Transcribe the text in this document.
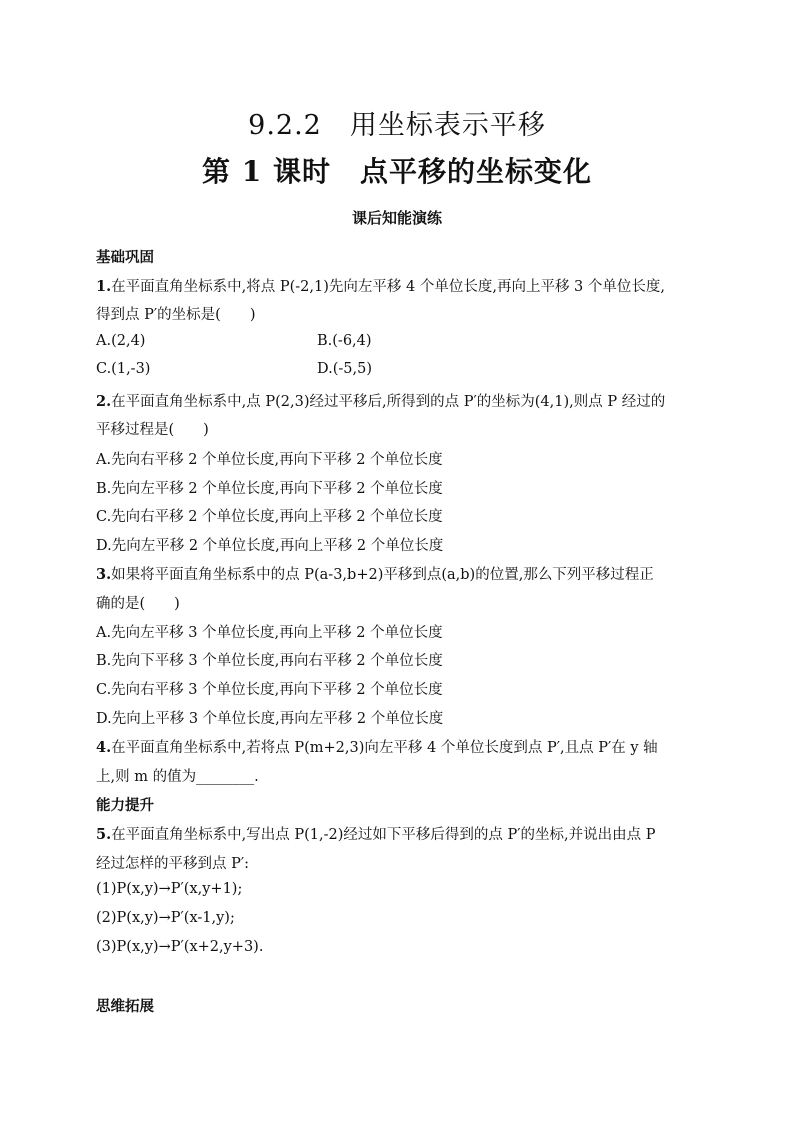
9.2.2　用坐标表示平移
第 1 课时　点平移的坐标变化
课后知能演练
基础巩固
1.在平面直角坐标系中,将点 P(-2,1)先向左平移 4 个单位长度,再向上平移 3 个单位长度,
得到点 P′的坐标是(　　)
A.(2,4)	B.(-6,4)
C.(1,-3)	D.(-5,5)
2.在平面直角坐标系中,点 P(2,3)经过平移后,所得到的点 P′的坐标为(4,1),则点 P 经过的
平移过程是(　　)
A.先向右平移 2 个单位长度,再向下平移 2 个单位长度
B.先向左平移 2 个单位长度,再向下平移 2 个单位长度
C.先向右平移 2 个单位长度,再向上平移 2 个单位长度
D.先向左平移 2 个单位长度,再向上平移 2 个单位长度
3.如果将平面直角坐标系中的点 P(a-3,b+2)平移到点(a,b)的位置,那么下列平移过程正
确的是(　　)
A.先向左平移 3 个单位长度,再向上平移 2 个单位长度
B.先向下平移 3 个单位长度,再向右平移 2 个单位长度
C.先向右平移 3 个单位长度,再向下平移 2 个单位长度
D.先向上平移 3 个单位长度,再向左平移 2 个单位长度
4.在平面直角坐标系中,若将点 P(m+2,3)向左平移 4 个单位长度到点 P′,且点 P′在 y 轴
上,则 m 的值为________.
能力提升
5.在平面直角坐标系中,写出点 P(1,-2)经过如下平移后得到的点 P′的坐标,并说出由点 P
经过怎样的平移到点 P′:
(1)P(x,y)→P′(x,y+1);
(2)P(x,y)→P′(x-1,y);
(3)P(x,y)→P′(x+2,y+3).
思维拓展
